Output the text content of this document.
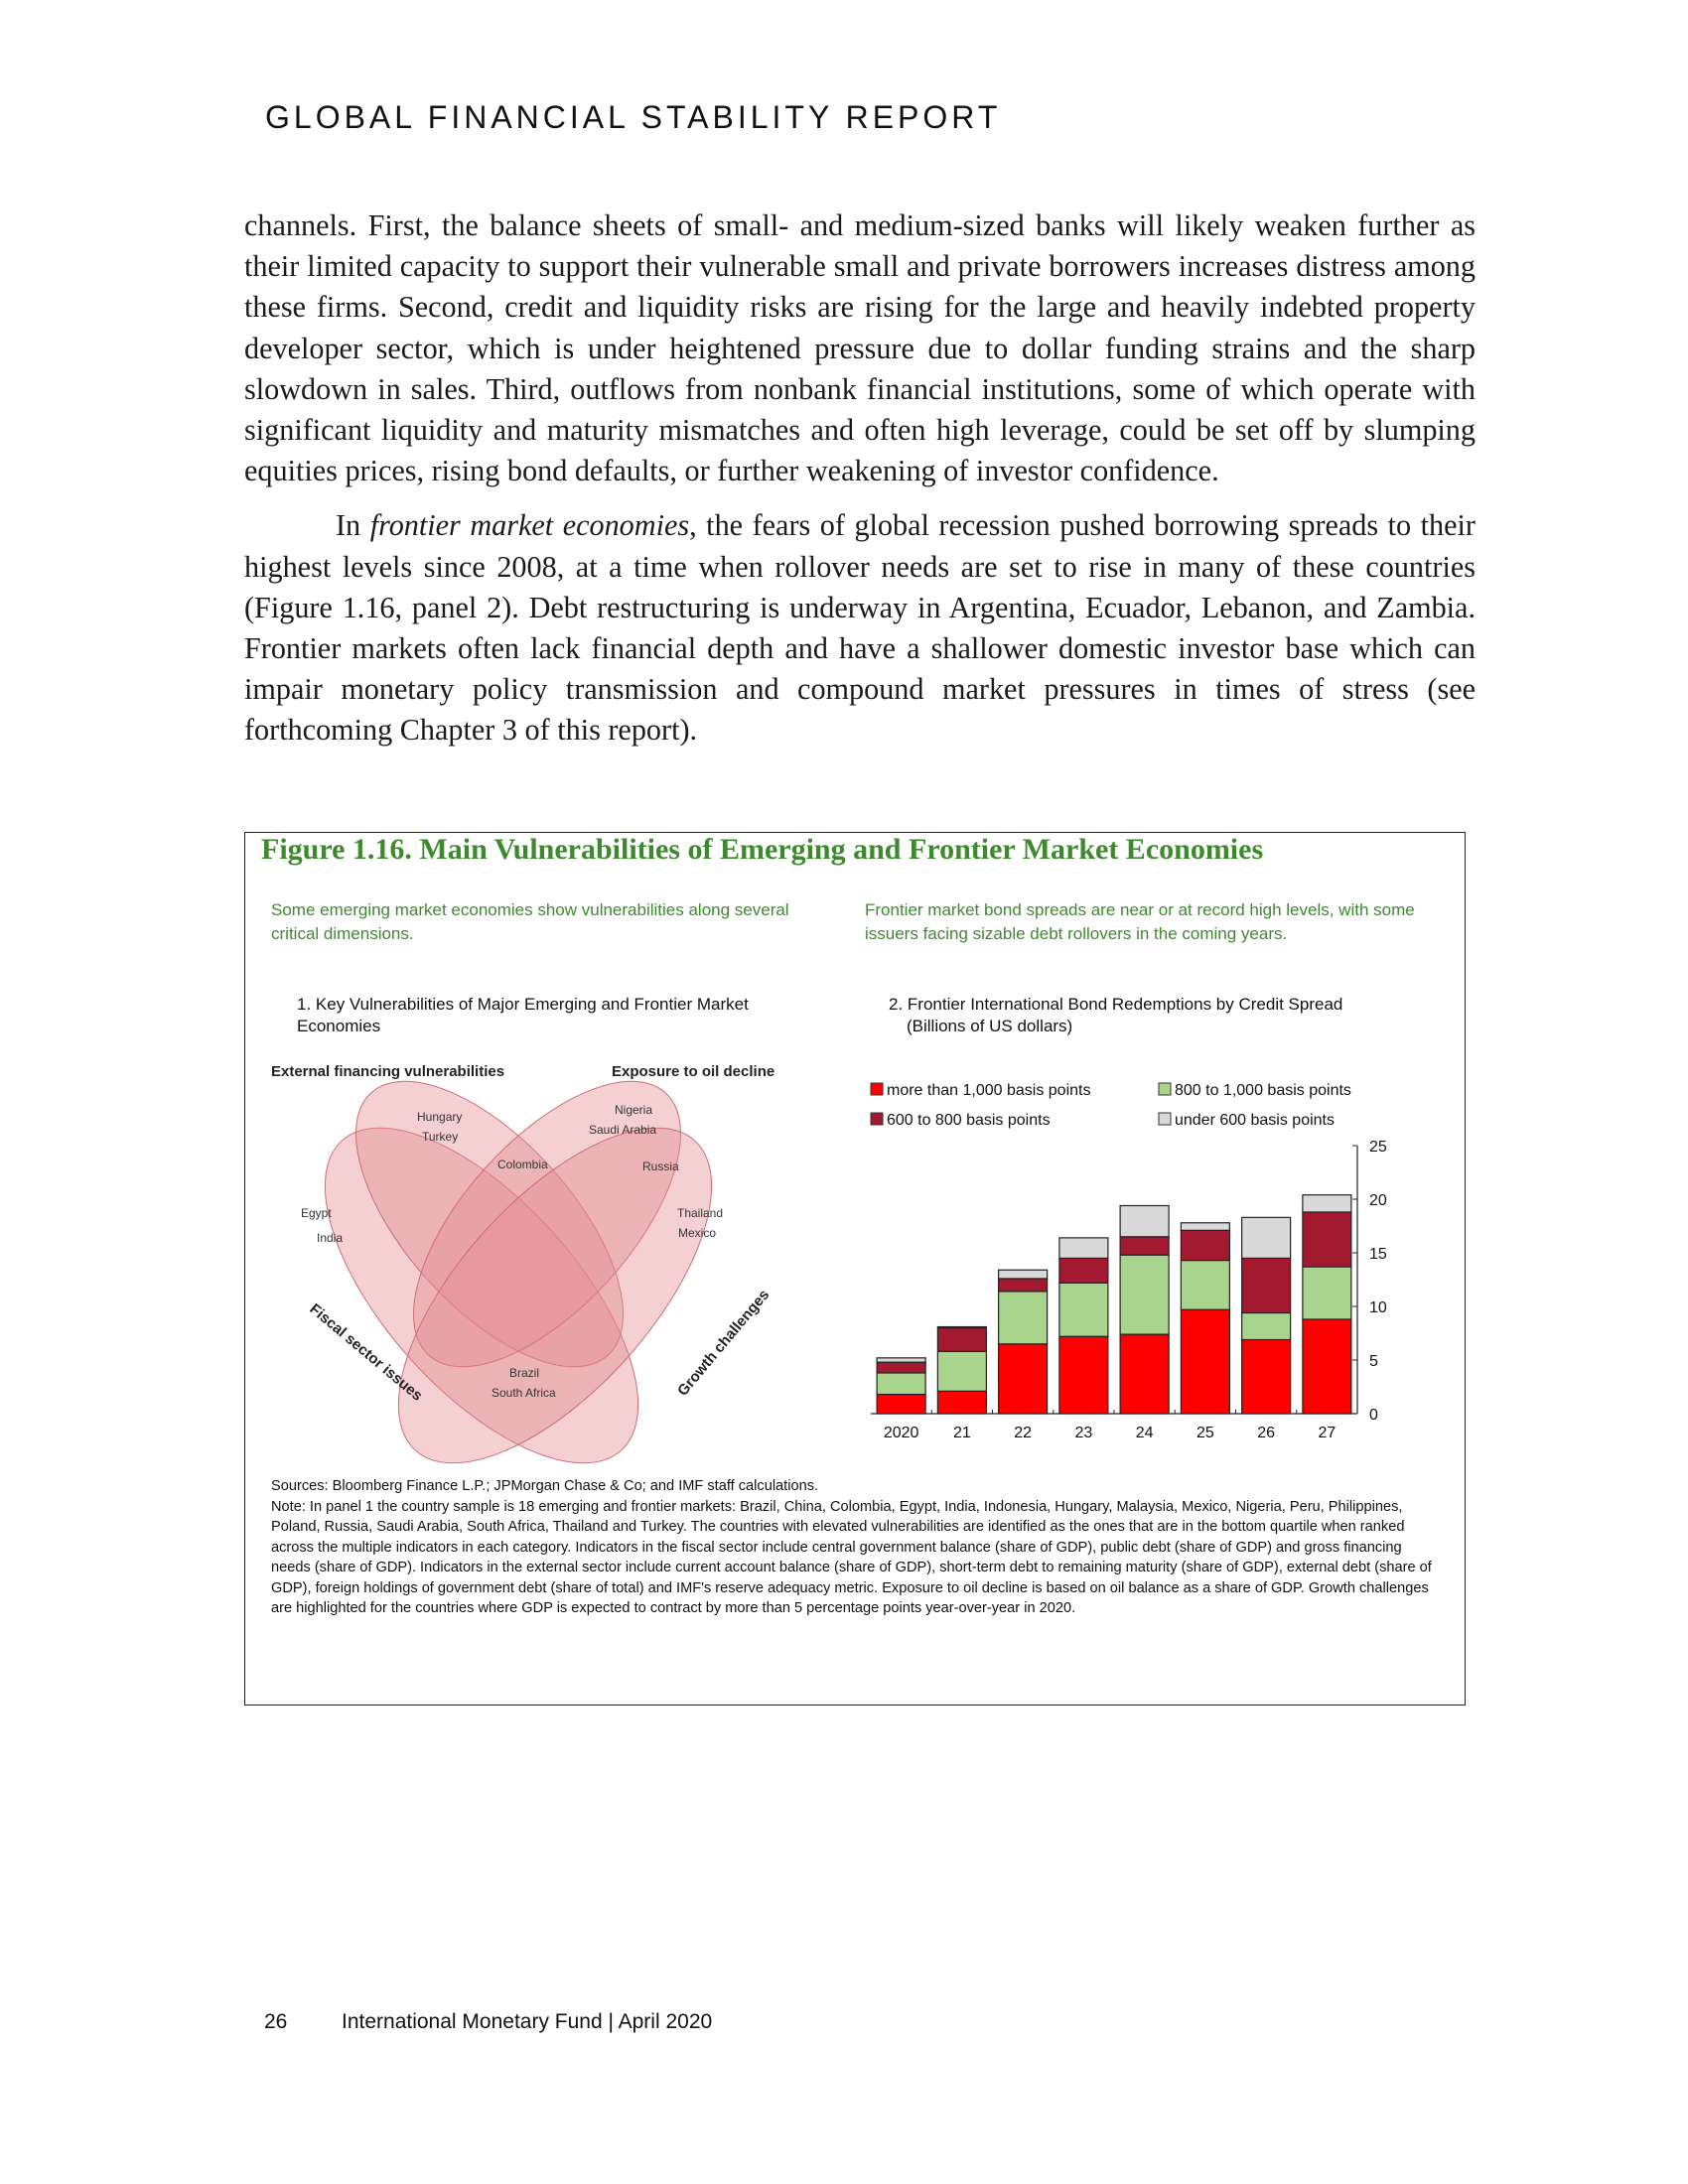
GLOBAL FINANCIAL STABILITY REPORT

channels. First, the balance sheets of small- and medium-sized banks will likely weaken further as their limited capacity to support their vulnerable small and private borrowers increases distress among these firms. Second, credit and liquidity risks are rising for the large and heavily indebted property developer sector, which is under heightened pressure due to dollar funding strains and the sharp slowdown in sales. Third, outflows from nonbank financial institutions, some of which operate with significant liquidity and maturity mismatches and often high leverage, could be set off by slumping equities prices, rising bond defaults, or further weakening of investor confidence.

In frontier market economies, the fears of global recession pushed borrowing spreads to their highest levels since 2008, at a time when rollover needs are set to rise in many of these countries (Figure 1.16, panel 2). Debt restructuring is underway in Argentina, Ecuador, Lebanon, and Zambia. Frontier markets often lack financial depth and have a shallower domestic investor base which can impair monetary policy transmission and compound market pressures in times of stress (see forthcoming Chapter 3 of this report).

Figure 1.16. Main Vulnerabilities of Emerging and Frontier Market Economies
Some emerging market economies show vulnerabilities along several critical dimensions.
Frontier market bond spreads are near or at record high levels, with some issuers facing sizable debt rollovers in the coming years.
1. Key Vulnerabilities of Major Emerging and Frontier Market Economies
2. Frontier International Bond Redemptions by Credit Spread
(Billions of US dollars)
External financing vulnerabilities	Exposure to oil decline
Fiscal sector issues	Growth challenges
Hungary
Turkey
Nigeria
Saudi Arabia
Colombia	Russia
Egypt
India
Thailand
Mexico
Brazil
South Africa
more than 1,000 basis points	800 to 1,000 basis points
600 to 800 basis points	under 600 basis points
0
5
10
15
20
25
2020 21	22	23	24	25	26	27

Sources: Bloomberg Finance L.P.; JPMorgan Chase & Co; and IMF staff calculations.

Note: In panel 1 the country sample is 18 emerging and frontier markets: Brazil, China, Colombia, Egypt, India, Indonesia, Hungary, Malaysia, Mexico, Nigeria, Peru, Philippines, Poland, Russia, Saudi Arabia, South Africa, Thailand and Turkey. The countries with elevated vulnerabilities are identified as the ones that are in the bottom quartile when ranked across the multiple indicators in each category. Indicators in the fiscal sector include central government balance (share of GDP), public debt (share of GDP) and gross financing needs (share of GDP). Indicators in the external sector include current account balance (share of GDP), short-term debt to remaining maturity (share of GDP), external debt (share of GDP), foreign holdings of government debt (share of total) and IMF's reserve adequacy metric. Exposure to oil decline is based on oil balance as a share of GDP. Growth challenges are highlighted for the countries where GDP is expected to contract by more than 5 percentage points year-over-year in 2020.

26	International Monetary Fund | April 2020
